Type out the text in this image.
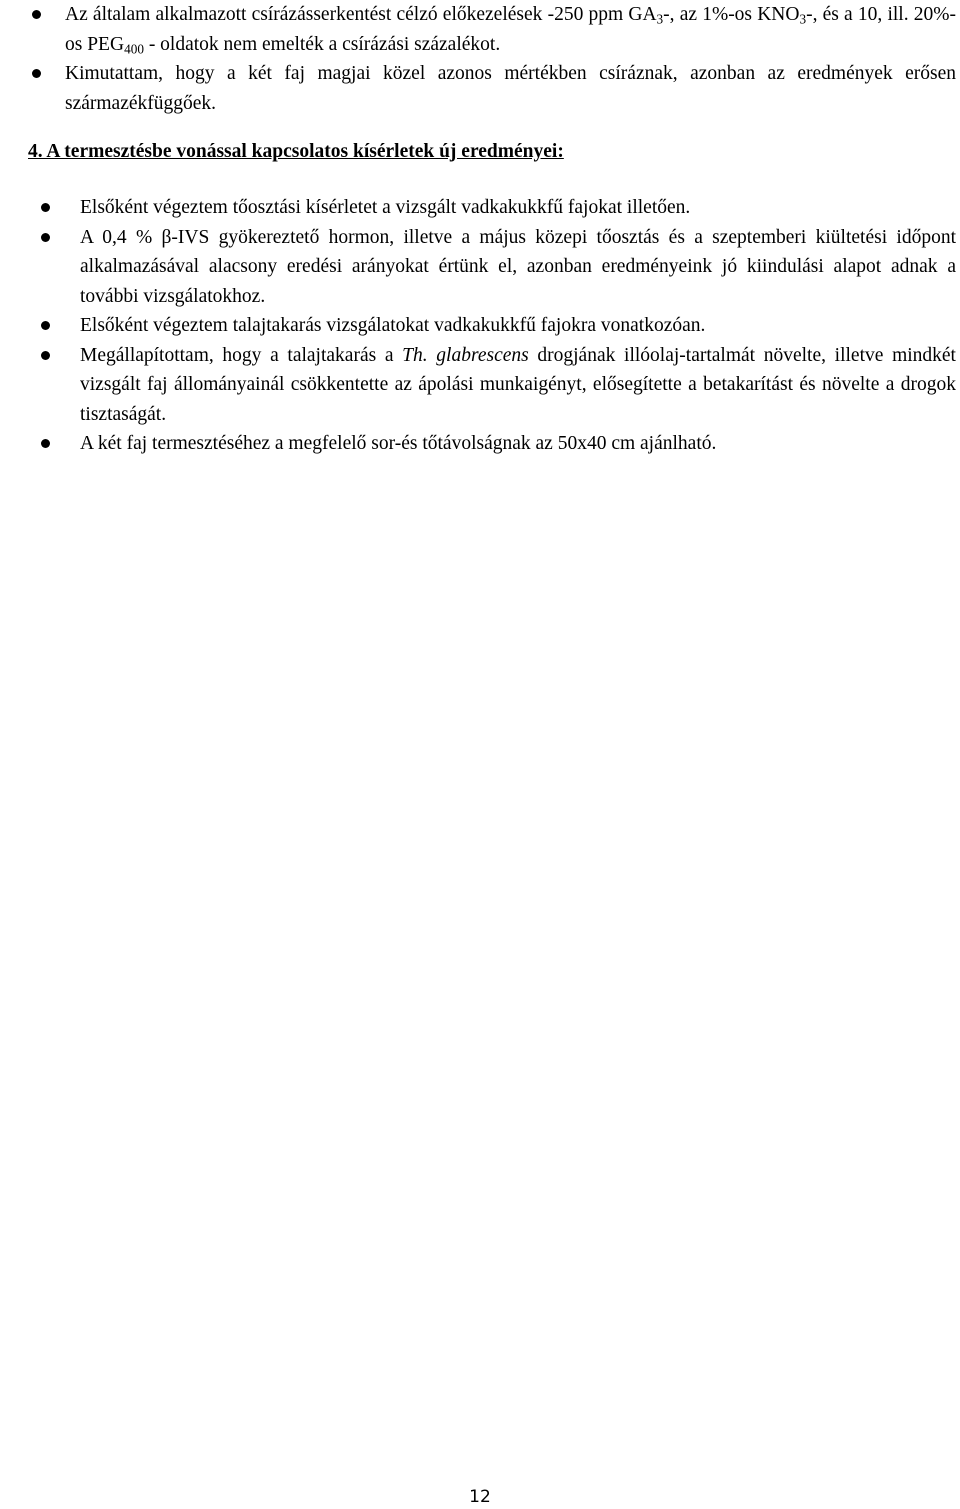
Az általam alkalmazott csírázásserkentést célzó előkezelések -250 ppm $GA_3-$, az 1%-os $KNO_3-$, és a 10, ill. 20%-os $PEG_{400}$ - oldatok nem emelték a csírázási százalékot.
Kimutattam, hogy a két faj magjai közel azonos mértékben csíráznak, azonban az eredmények erősen származékfüggőek.
4. A termesztésbe vonással kapcsolatos kísérletek új eredményei:
Elsőként végeztem tőosztási kísérletet a vizsgált vadkakukkfű fajokat illetően.
A 0,4 % β-IVS gyökereztető hormon, illetve a május közepi tőosztás és a szeptemberi kiültetési időpont alkalmazásával alacsony eredési arányokat értünk el, azonban eredményeink jó kiindulási alapot adnak a további vizsgálatokhoz.
Elsőként végeztem talajtakarás vizsgálatokat vadkakukkfű fajokra vonatkozóan.
Megállapítottam, hogy a talajtakarás a Th. glabrescens drogjának illóolaj-tartalmát növelte, illetve mindkét vizsgált faj állományainál csökkentette az ápolási munkaigényt, elősegítette a betakarítást és növelte a drogok tisztaságát.
A két faj termesztéséhez a megfelelő sor-és tőtávolságnak az 50x40 cm ajánlható.
12
